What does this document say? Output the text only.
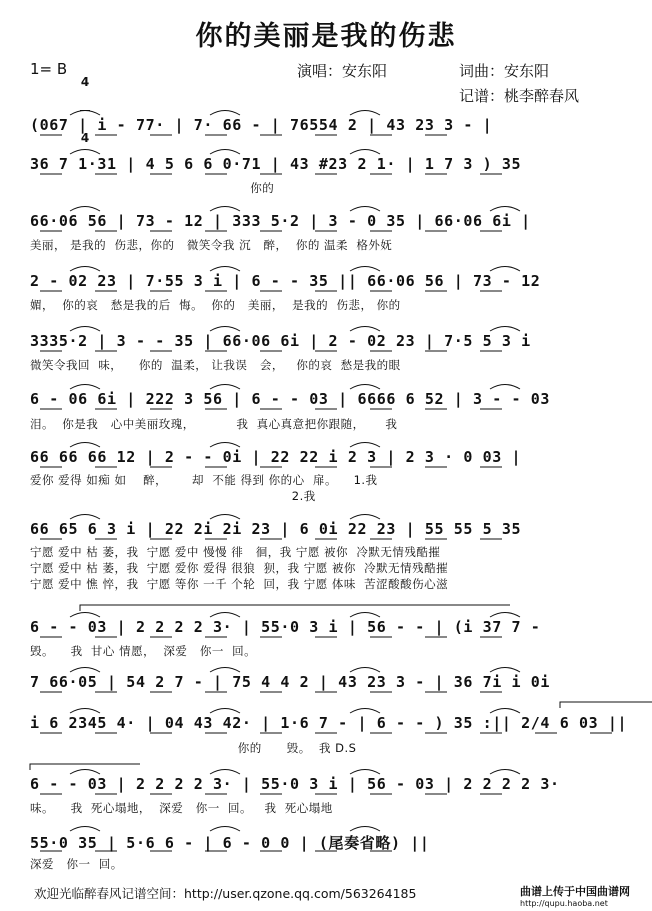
你的美丽是我的伤悲
1= B

4

4

演唱：安东阳	词曲：安东阳
记谱：桃李醉春风
(067 | i - 77· | 7· 66 - | 76554 2 | 43 23 3 - |
36 7 1·31 | 4 5 6 6 0·71 | 43 #23 2 1· | 1 7 3 ) 35
你的
66·06 56 | 73 - 12 | 333 5·2 | 3 - 0 35 | 66·06 6i |
美丽， 是我的  伤悲，你的   微笑令我 沉   醉，  你的 温柔  格外妩
2 - 02 23 | 7·55 3 i | 6 - - 35 || 66·06 56 | 73 - 12
媚，  你的哀   愁是我的后  悔。  你的   美丽，  是我的  伤悲， 你的
3335·2 | 3 - - 35 | 66·06 6i | 2 - 02 23 | 7·5 5 3 i
微笑令我回  味，    你的  温柔， 让我误   会，   你的哀  愁是我的眼
6 - 06 6i | 222 3 56 | 6 - - 03 | 6666 6 52 | 3 - - 03
泪。  你是我   心中美丽玫瑰，          我  真心真意把你跟随，     我
66 66 66 12 | 2 - - 0i | 22 22 i 2 3 | 2 3 · 0 03 |
爱你 爱得 如痴 如    醉，      却  不能 得到 你的心  扉。    1.我
2.我
66 65 6 3 i | 22 2i 2i 23 | 6 0i 22 23 | 55 55 5 35
宁愿 爱中 枯 萎，我  宁愿 爱中 慢慢 徘   徊，我 宁愿 被你  冷默无情残酷摧
宁愿 爱中 枯 萎，我  宁愿 爱你 爱得 很狼  狈，我 宁愿 被你  冷默无情残酷摧
宁愿 爱中 憔 悴，我  宁愿 等你 一千 个轮  回，我 宁愿 体味  苦涩酸酸伤心滋
6 - - 03 | 2 2 2 2 3· | 55·0 3 i | 56 - - | (i 37 7 -
毁。    我  甘心 情愿，  深爱   你一  回。
7 66·05 | 54 2 7 - | 75 4 4 2 | 43 23 3 - | 36 7i i 0i
i 6 2345 4· | 04 43 42· | 1·6 7 - | 6 - - ) 35 :|| 2/4 6 03 ||
你的      毁。  我 D.S
6 - - 03 | 2 2 2 2 3· | 55·0 3 i | 56 - 03 | 2 2 2 2 3·
味。    我  死心塌地，  深爱   你一  回。   我  死心塌地
55·0 35 | 5·6 6 - | 6 - 0 0 | (尾奏省略) ||
深爱   你一  回。
欢迎光临醉春风记谱空间：http://user.qzone.qq.com/563264185	曲谱上传于中国曲谱网
http://qupu.haoba.net
